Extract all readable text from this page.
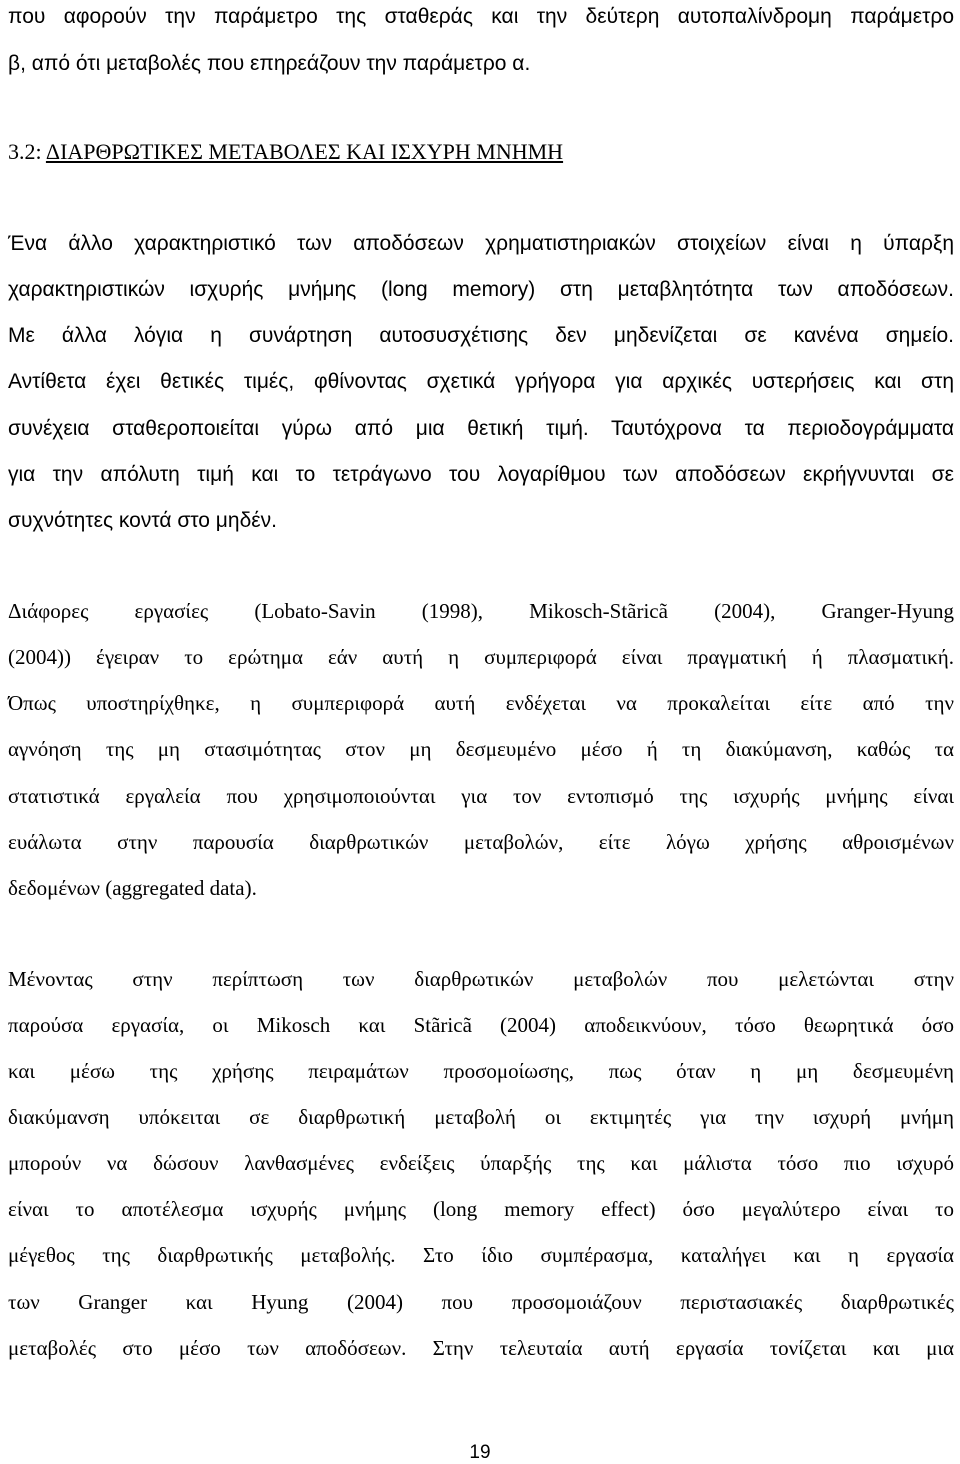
που αφορούν την παράμετρο της σταθεράς και την δεύτερη αυτοπαλίνδρομη παράμετρο
β, από ότι μεταβολές που επηρεάζουν την παράμετρο α.
3.2: ΔΙΑΡΘΡΩΤΙΚΕΣ ΜΕΤΑΒΟΛΕΣ ΚΑΙ ΙΣΧΥΡΗ ΜΝΗΜΗ
Ένα άλλο χαρακτηριστικό των αποδόσεων χρηματιστηριακών στοιχείων είναι η ύπαρξη
χαρακτηριστικών ισχυρής μνήμης (long memory) στη μεταβλητότητα των αποδόσεων.
Με άλλα λόγια η συνάρτηση αυτοσυσχέτισης δεν μηδενίζεται σε κανένα σημείο.
Αντίθετα έχει θετικές τιμές, φθίνοντας σχετικά γρήγορα για αρχικές υστερήσεις και στη
συνέχεια σταθεροποιείται γύρω από μια θετική τιμή. Ταυτόχρονα τα περιοδογράμματα
για την απόλυτη τιμή και το τετράγωνο του λογαρίθμου των αποδόσεων εκρήγνυνται σε
συχνότητες κοντά στο μηδέν.
Διάφορες εργασίες (Lobato-Savin (1998), Mikosch-Stãricã (2004), Granger-Hyung
(2004)) έγειραν το ερώτημα εάν αυτή η συμπεριφορά είναι πραγματική ή πλασματική.
Όπως υποστηρίχθηκε, η συμπεριφορά αυτή ενδέχεται να προκαλείται είτε από την
αγνόηση της μη στασιμότητας στον μη δεσμευμένο μέσο ή τη διακύμανση, καθώς τα
στατιστικά εργαλεία που χρησιμοποιούνται για τον εντοπισμό της ισχυρής μνήμης είναι
ευάλωτα στην παρουσία διαρθρωτικών μεταβολών, είτε λόγω χρήσης αθροισμένων
δεδομένων (aggregated data).
Μένοντας στην περίπτωση των διαρθρωτικών μεταβολών που μελετώνται στην
παρούσα εργασία, οι Mikosch και Stãricã (2004) αποδεικνύουν, τόσο θεωρητικά όσο
και μέσω της χρήσης πειραμάτων προσομοίωσης, πως όταν η μη δεσμευμένη
διακύμανση υπόκειται σε διαρθρωτική μεταβολή οι εκτιμητές για την ισχυρή μνήμη
μπορούν να δώσουν λανθασμένες ενδείξεις ύπαρξής της και μάλιστα τόσο πιο ισχυρό
είναι το αποτέλεσμα ισχυρής μνήμης (long memory effect) όσο μεγαλύτερο είναι το
μέγεθος της διαρθρωτικής μεταβολής. Στο ίδιο συμπέρασμα, καταλήγει και η εργασία
των Granger και Hyung (2004) που προσομοιάζουν περιστασιακές διαρθρωτικές
μεταβολές στο μέσο των αποδόσεων. Στην τελευταία αυτή εργασία τονίζεται και μια
19
